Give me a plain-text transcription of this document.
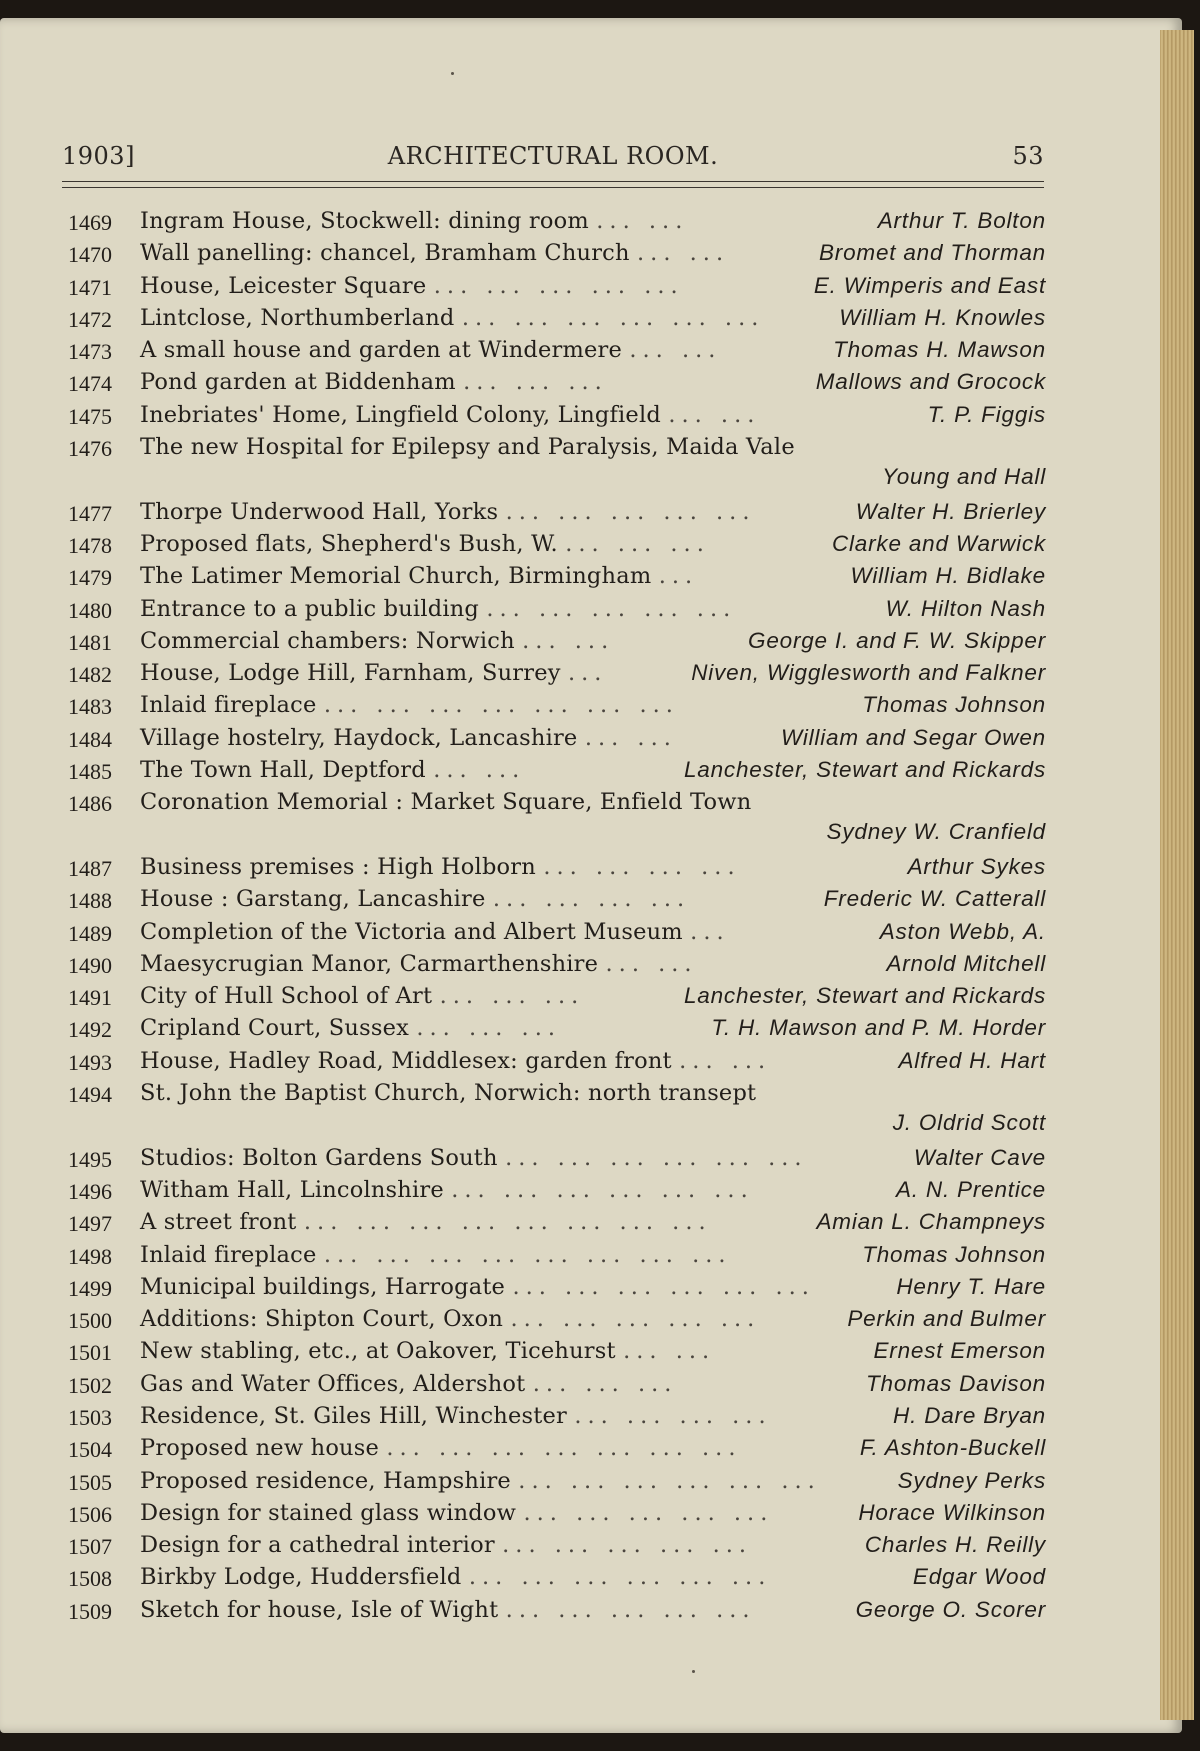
1903]	ARCHITECTURAL ROOM.	53
1469 Ingram House, Stockwell: dining room ... ...	Arthur T. Bolton
1470 Wall panelling: chancel, Bramham Church ... ...	Bromet and Thorman
1471 House, Leicester Square ... ... ... ... ...	E. Wimperis and East
1472 Lintclose, Northumberland ... ... ... ... ... ...	William H. Knowles
1473 A small house and garden at Windermere ... ...	Thomas H. Mawson
1474 Pond garden at Biddenham ... ... ...	Mallows and Grocock
1475 Inebriates' Home, Lingfield Colony, Lingfield ... ...	T. P. Figgis
1476 The new Hospital for Epilepsy and Paralysis, Maida Vale
Young and Hall
1477 Thorpe Underwood Hall, Yorks ... ... ... ... ...	Walter H. Brierley
1478 Proposed flats, Shepherd's Bush, W. ... ... ...	Clarke and Warwick
1479 The Latimer Memorial Church, Birmingham ...	William H. Bidlake
1480 Entrance to a public building ... ... ... ... ...	W. Hilton Nash
1481 Commercial chambers: Norwich ... ...	George I. and F. W. Skipper
1482 House, Lodge Hill, Farnham, Surrey ...	Niven, Wigglesworth and Falkner
1483 Inlaid fireplace ... ... ... ... ... ... ...	Thomas Johnson
1484 Village hostelry, Haydock, Lancashire ... ...	William and Segar Owen
1485 The Town Hall, Deptford ... ...	Lanchester, Stewart and Rickards
1486 Coronation Memorial : Market Square, Enfield Town
Sydney W. Cranfield
1487 Business premises : High Holborn ... ... ... ...	Arthur Sykes
1488 House : Garstang, Lancashire ... ... ... ...	Frederic W. Catterall
1489 Completion of the Victoria and Albert Museum ...	Aston Webb, A.
1490 Maesycrugian Manor, Carmarthenshire ... ...	Arnold Mitchell
1491 City of Hull School of Art ... ... ...	Lanchester, Stewart and Rickards
1492 Cripland Court, Sussex ... ... ...	T. H. Mawson and P. M. Horder
1493 House, Hadley Road, Middlesex: garden front ... ...	Alfred H. Hart
1494 St. John the Baptist Church, Norwich: north transept
J. Oldrid Scott
1495 Studios: Bolton Gardens South ... ... ... ... ... ...	Walter Cave
1496 Witham Hall, Lincolnshire ... ... ... ... ... ...	A. N. Prentice
1497 A street front ... ... ... ... ... ... ... ...	Amian L. Champneys
1498 Inlaid fireplace ... ... ... ... ... ... ... ...	Thomas Johnson
1499 Municipal buildings, Harrogate ... ... ... ... ... ...	Henry T. Hare
1500 Additions: Shipton Court, Oxon ... ... ... ... ...	Perkin and Bulmer
1501 New stabling, etc., at Oakover, Ticehurst ... ...	Ernest Emerson
1502 Gas and Water Offices, Aldershot ... ... ...	Thomas Davison
1503 Residence, St. Giles Hill, Winchester ... ... ... ...	H. Dare Bryan
1504 Proposed new house ... ... ... ... ... ... ...	F. Ashton-Buckell
1505 Proposed residence, Hampshire ... ... ... ... ... ...	Sydney Perks
1506 Design for stained glass window ... ... ... ... ...	Horace Wilkinson
1507 Design for a cathedral interior ... ... ... ... ...	Charles H. Reilly
1508 Birkby Lodge, Huddersfield ... ... ... ... ... ...	Edgar Wood
1509 Sketch for house, Isle of Wight ... ... ... ... ...	George O. Scorer
